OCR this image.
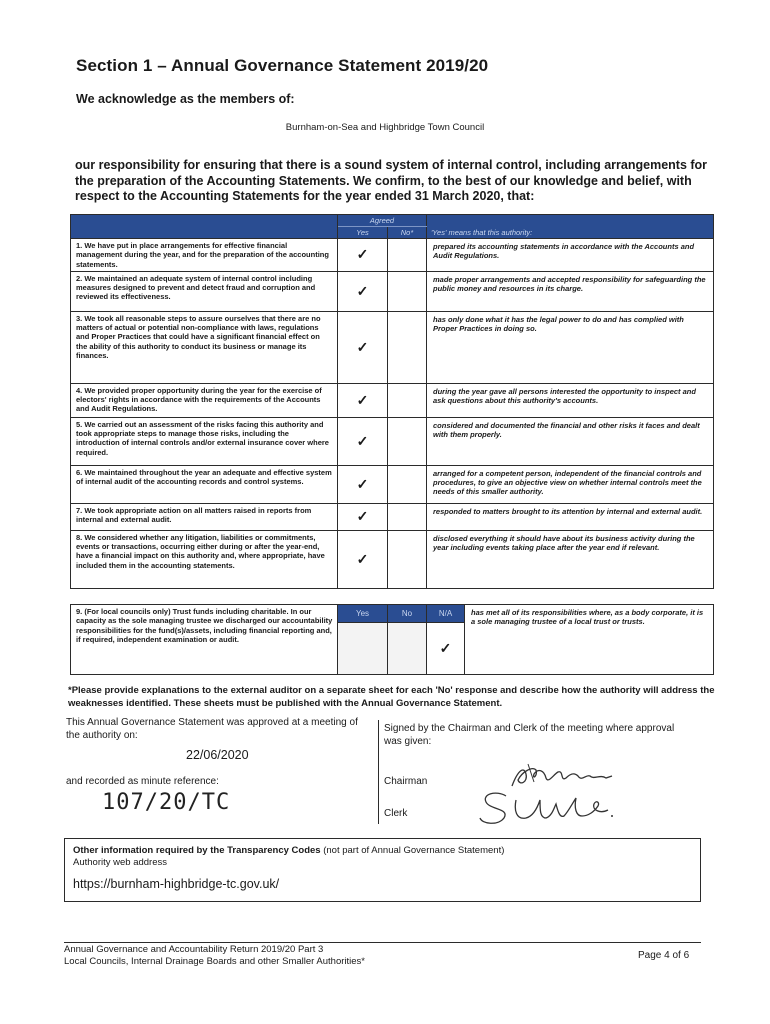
Section 1 – Annual Governance Statement 2019/20
We acknowledge as the members of:
Burnham-on-Sea and Highbridge Town Council
our responsibility for ensuring that there is a sound system of internal control, including arrangements for the preparation of the Accounting Statements. We confirm, to the best of our knowledge and belief, with respect to the Accounting Statements for the year ended 31 March 2020, that:
	Agreed		'Yes' means that this authority:
	Yes	No*	
1. We have put in place arrangements for effective financial management during the year, and for the preparation of the accounting statements.	✓		prepared its accounting statements in accordance with the Accounts and Audit Regulations.
2. We maintained an adequate system of internal control including measures designed to prevent and detect fraud and corruption and reviewed its effectiveness.	✓		made proper arrangements and accepted responsibility for safeguarding the public money and resources in its charge.
3. We took all reasonable steps to assure ourselves that there are no matters of actual or potential non-compliance with laws, regulations and Proper Practices that could have a significant financial effect on the ability of this authority to conduct its business or manage its finances.	✓		has only done what it has the legal power to do and has complied with Proper Practices in doing so.
4. We provided proper opportunity during the year for the exercise of electors' rights in accordance with the requirements of the Accounts and Audit Regulations.	✓		during the year gave all persons interested the opportunity to inspect and ask questions about this authority's accounts.
5. We carried out an assessment of the risks facing this authority and took appropriate steps to manage those risks, including the introduction of internal controls and/or external insurance cover where required.	✓		considered and documented the financial and other risks it faces and dealt with them properly.
6. We maintained throughout the year an adequate and effective system of internal audit of the accounting records and control systems.	✓		arranged for a competent person, independent of the financial controls and procedures, to give an objective view on whether internal controls meet the needs of this smaller authority.
7. We took appropriate action on all matters raised in reports from internal and external audit.	✓		responded to matters brought to its attention by internal and external audit.
8. We considered whether any litigation, liabilities or commitments, events or transactions, occurring either during or after the year-end, have a financial impact on this authority and, where appropriate, have included them in the accounting statements.	✓		disclosed everything it should have about its business activity during the year including events taking place after the year end if relevant.
9. (For local councils only) Trust funds including charitable. In our capacity as the sole managing trustee we discharged our accountability responsibilities for the fund(s)/assets, including financial reporting and, if required, independent examination or audit.	Yes	No	N/A	has met all of its responsibilities where, as a body corporate, it is a sole managing trustee of a local trust or trusts.
			✓	
*Please provide explanations to the external auditor on a separate sheet for each 'No' response and describe how the authority will address the weaknesses identified. These sheets must be published with the Annual Governance Statement.
This Annual Governance Statement was approved at a meeting of the authority on:
22/06/2020
and recorded as minute reference:
107/20/TC
Signed by the Chairman and Clerk of the meeting where approval was given:
Chairman
Clerk
Other information required by the Transparency Codes (not part of Annual Governance Statement)
Authority web address
https://burnham-highbridge-tc.gov.uk/
Annual Governance and Accountability Return 2019/20 Part 3
Local Councils, Internal Drainage Boards and other Smaller Authorities*
Page 4 of 6
